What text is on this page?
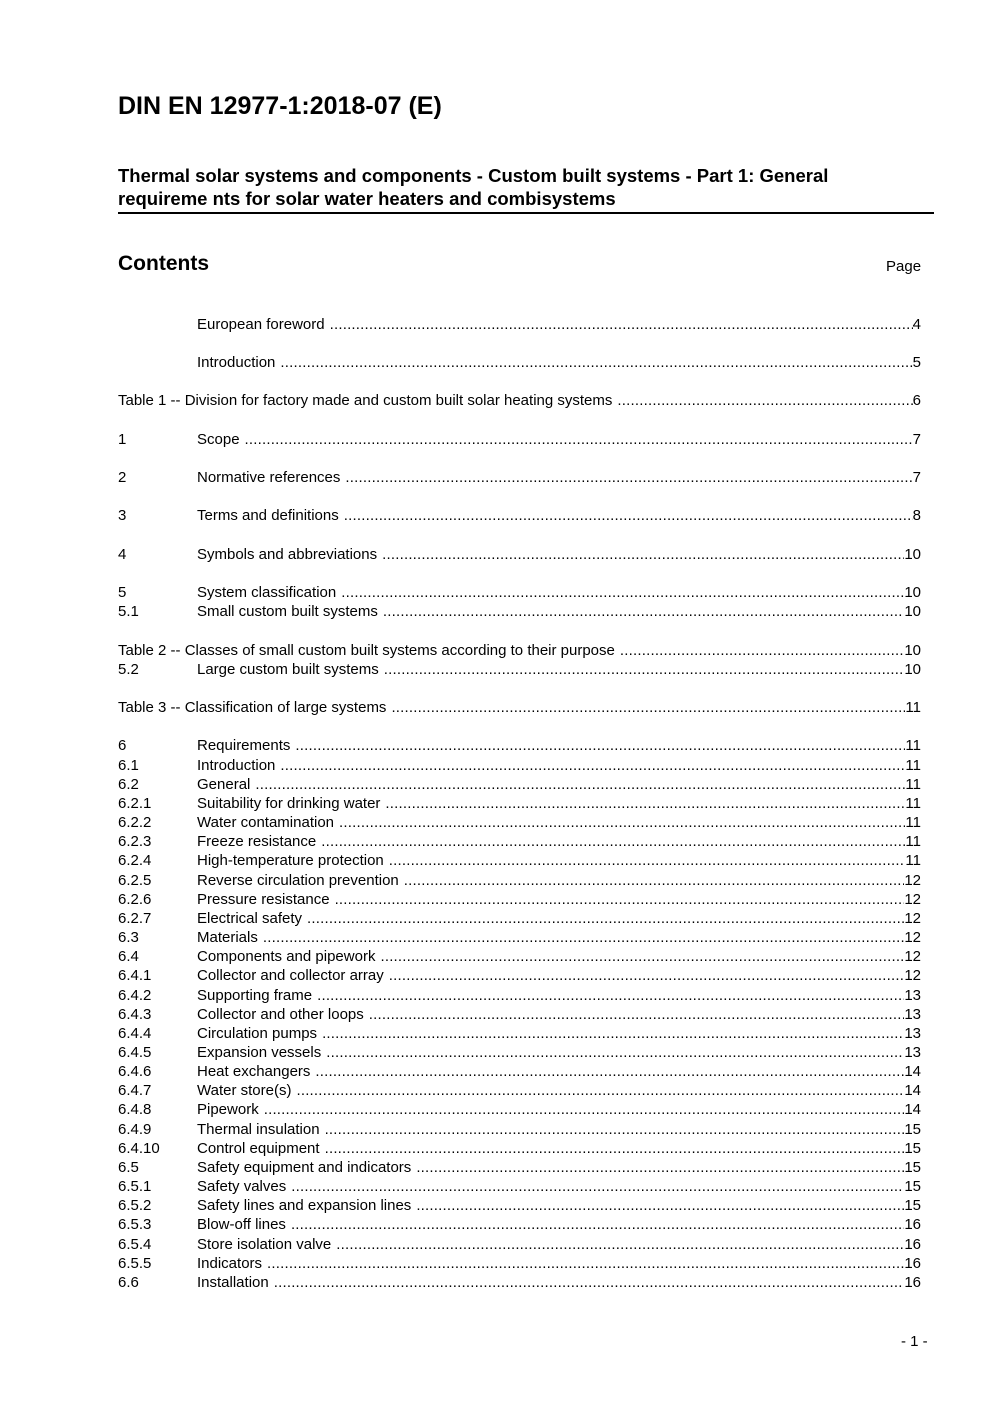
DIN EN 12977-1:2018-07 (E)
Thermal solar systems and components - Custom built systems - Part 1: General
requireme nts for solar water heaters and combisystems
Contents	Page
European foreword .....	4
Introduction .....	5
Table 1 -- Division for factory made and custom built solar heating systems .....	6
1	Scope .....	7
2	Normative references .....	7
3	Terms and definitions .....	8
4	Symbols and abbreviations .....	10
5	System classification .....	10
5.1	Small custom built systems .....	10
Table 2 -- Classes of small custom built systems according to their purpose .....	10
5.2	Large custom built systems .....	10
Table 3 -- Classification of large systems .....	11
6	Requirements .....	11
6.1	Introduction .....	11
6.2	General .....	11
6.2.1	Suitability for drinking water .....	11
6.2.2	Water contamination .....	11
6.2.3	Freeze resistance .....	11
6.2.4	High-temperature protection .....	11
6.2.5	Reverse circulation prevention .....	12
6.2.6	Pressure resistance .....	12
6.2.7	Electrical safety .....	12
6.3	Materials .....	12
6.4	Components and pipework .....	12
6.4.1	Collector and collector array .....	12
6.4.2	Supporting frame .....	13
6.4.3	Collector and other loops .....	13
6.4.4	Circulation pumps .....	13
6.4.5	Expansion vessels .....	13
6.4.6	Heat exchangers .....	14
6.4.7	Water store(s) .....	14
6.4.8	Pipework .....	14
6.4.9	Thermal insulation .....	15
6.4.10	Control equipment .....	15
6.5	Safety equipment and indicators .....	15
6.5.1	Safety valves .....	15
6.5.2	Safety lines and expansion lines .....	15
6.5.3	Blow-off lines .....	16
6.5.4	Store isolation valve .....	16
6.5.5	Indicators .....	16
6.6	Installation .....	16
- 1 -
